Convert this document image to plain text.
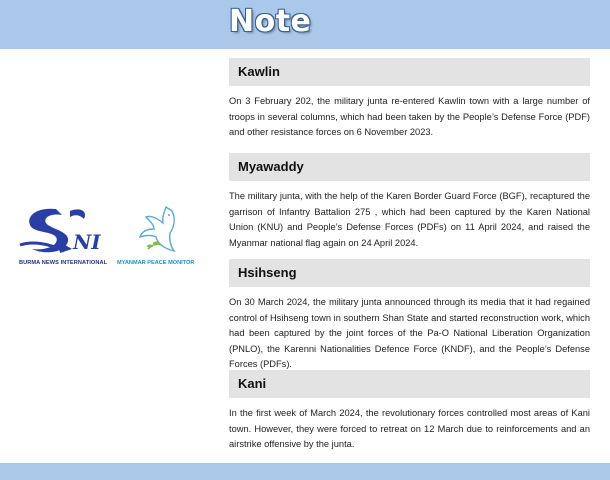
Note
NI
BURMA NEWS INTERNATIONAL MYANMAR PEACE MONITOR
Kawlin
On 3 February 202, the military junta re-entered Kawlin town with a large number of troops in several columns, which had been taken by the People’s Defense Force (PDF) and other resistance forces on 6 November 2023.
Myawaddy
The military junta, with the help of the Karen Border Guard Force (BGF), recaptured the garrison of Infantry Battalion 275 , which had been captured by the Karen National Union (KNU) and People’s Defense Forces (PDFs) on 11 April 2024, and raised the Myanmar national flag again on 24 April 2024.
Hsihseng
On 30 March 2024, the military junta announced through its media that it had regained control of Hsihseng town in southern Shan State and started reconstruction work, which had been captured by the joint forces of the Pa-O National Liberation Organization (PNLO), the Karenni Nationalities Defence Force (KNDF), and the People’s Defense Forces (PDFs).
Kani
In the first week of March 2024, the revolutionary forces controlled most areas of Kani town. However, they were forced to retreat on 12 March due to reinforcements and an airstrike offensive by the junta.
